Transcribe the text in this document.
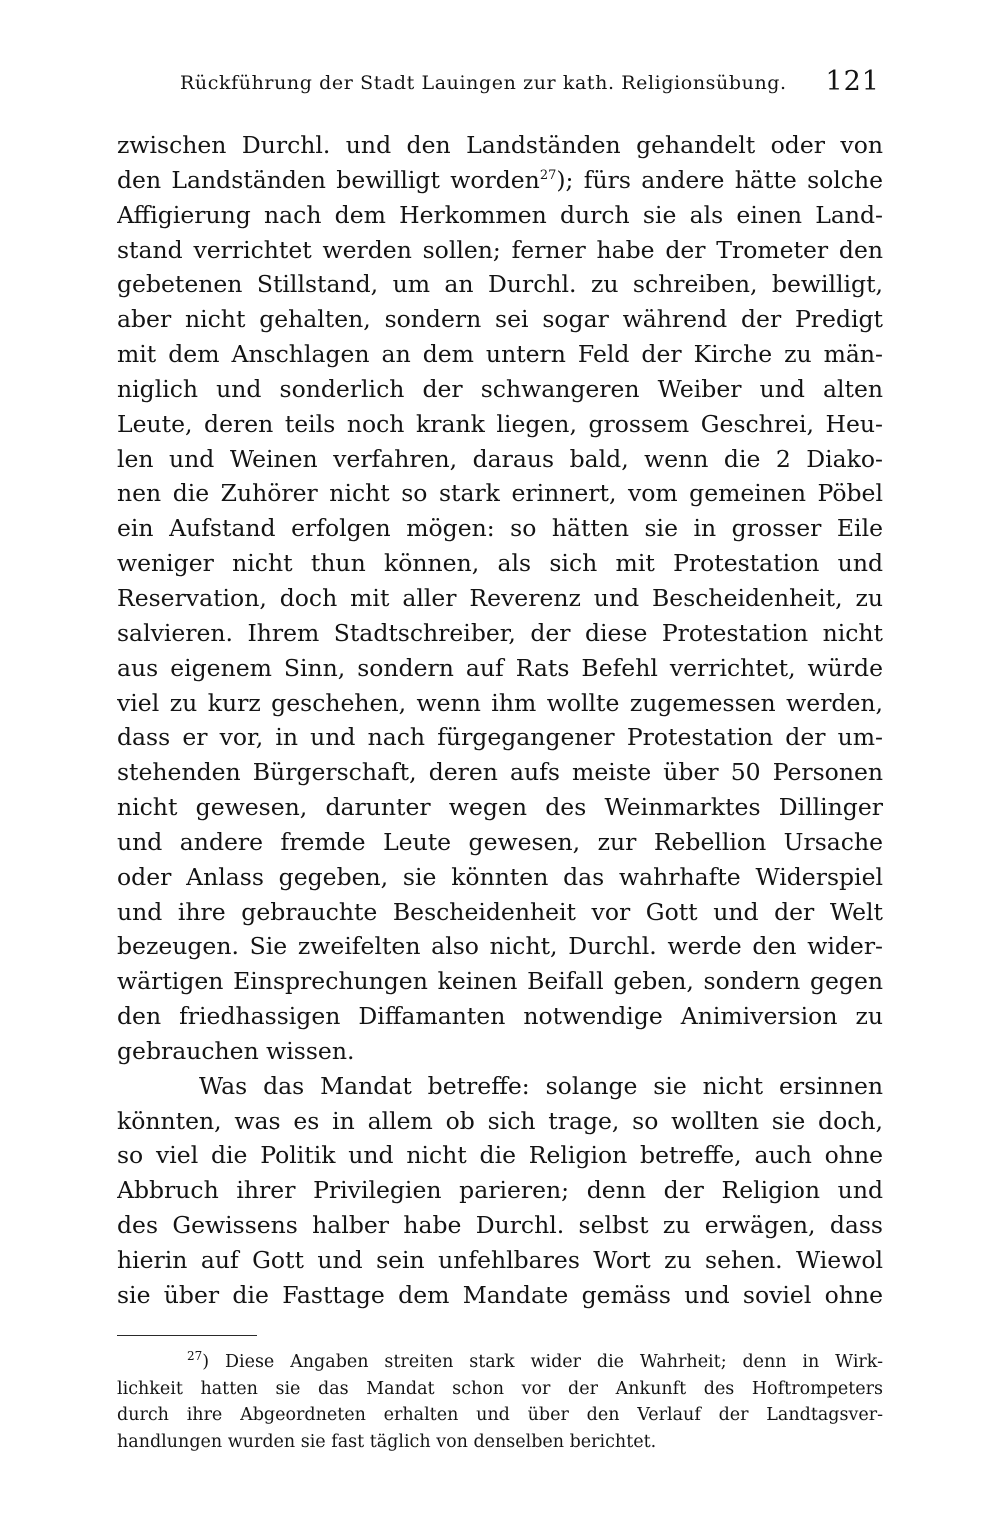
Rückführung der Stadt Lauingen zur kath. Religionsübung. 121
zwischen Durchl. und den Landständen gehandelt oder von
den Landständen bewilligt worden$^{27}$); fürs andere hätte solche
Affigierung nach dem Herkommen durch sie als einen Land-
stand verrichtet werden sollen; ferner habe der Trometer den
gebetenen Stillstand, um an Durchl. zu schreiben, bewilligt,
aber nicht gehalten, sondern sei sogar während der Predigt
mit dem Anschlagen an dem untern Feld der Kirche zu män-
niglich und sonderlich der schwangeren Weiber und alten
Leute, deren teils noch krank liegen, grossem Geschrei, Heu-
len und Weinen verfahren, daraus bald, wenn die 2 Diako-
nen die Zuhörer nicht so stark erinnert, vom gemeinen Pöbel
ein Aufstand erfolgen mögen: so hätten sie in grosser Eile
weniger nicht thun können, als sich mit Protestation und
Reservation, doch mit aller Reverenz und Bescheidenheit, zu
salvieren. Ihrem Stadtschreiber, der diese Protestation nicht
aus eigenem Sinn, sondern auf Rats Befehl verrichtet, würde
viel zu kurz geschehen, wenn ihm wollte zugemessen werden,
dass er vor, in und nach fürgegangener Protestation der um-
stehenden Bürgerschaft, deren aufs meiste über 50 Personen
nicht gewesen, darunter wegen des Weinmarktes Dillinger
und andere fremde Leute gewesen, zur Rebellion Ursache
oder Anlass gegeben, sie könnten das wahrhafte Widerspiel
und ihre gebrauchte Bescheidenheit vor Gott und der Welt
bezeugen. Sie zweifelten also nicht, Durchl. werde den wider-
wärtigen Einsprechungen keinen Beifall geben, sondern gegen
den friedhassigen Diffamanten notwendige Animiversion zu
gebrauchen wissen.
Was das Mandat betreffe: solange sie nicht ersinnen
könnten, was es in allem ob sich trage, so wollten sie doch,
so viel die Politik und nicht die Religion betreffe, auch ohne
Abbruch ihrer Privilegien parieren; denn der Religion und
des Gewissens halber habe Durchl. selbst zu erwägen, dass
hierin auf Gott und sein unfehlbares Wort zu sehen. Wiewol
sie über die Fasttage dem Mandate gemäss und soviel ohne
$^{27}$) Diese Angaben streiten stark wider die Wahrheit; denn in Wirk-
lichkeit hatten sie das Mandat schon vor der Ankunft des Hoftrompeters
durch ihre Abgeordneten erhalten und über den Verlauf der Landtagsver-
handlungen wurden sie fast täglich von denselben berichtet.
